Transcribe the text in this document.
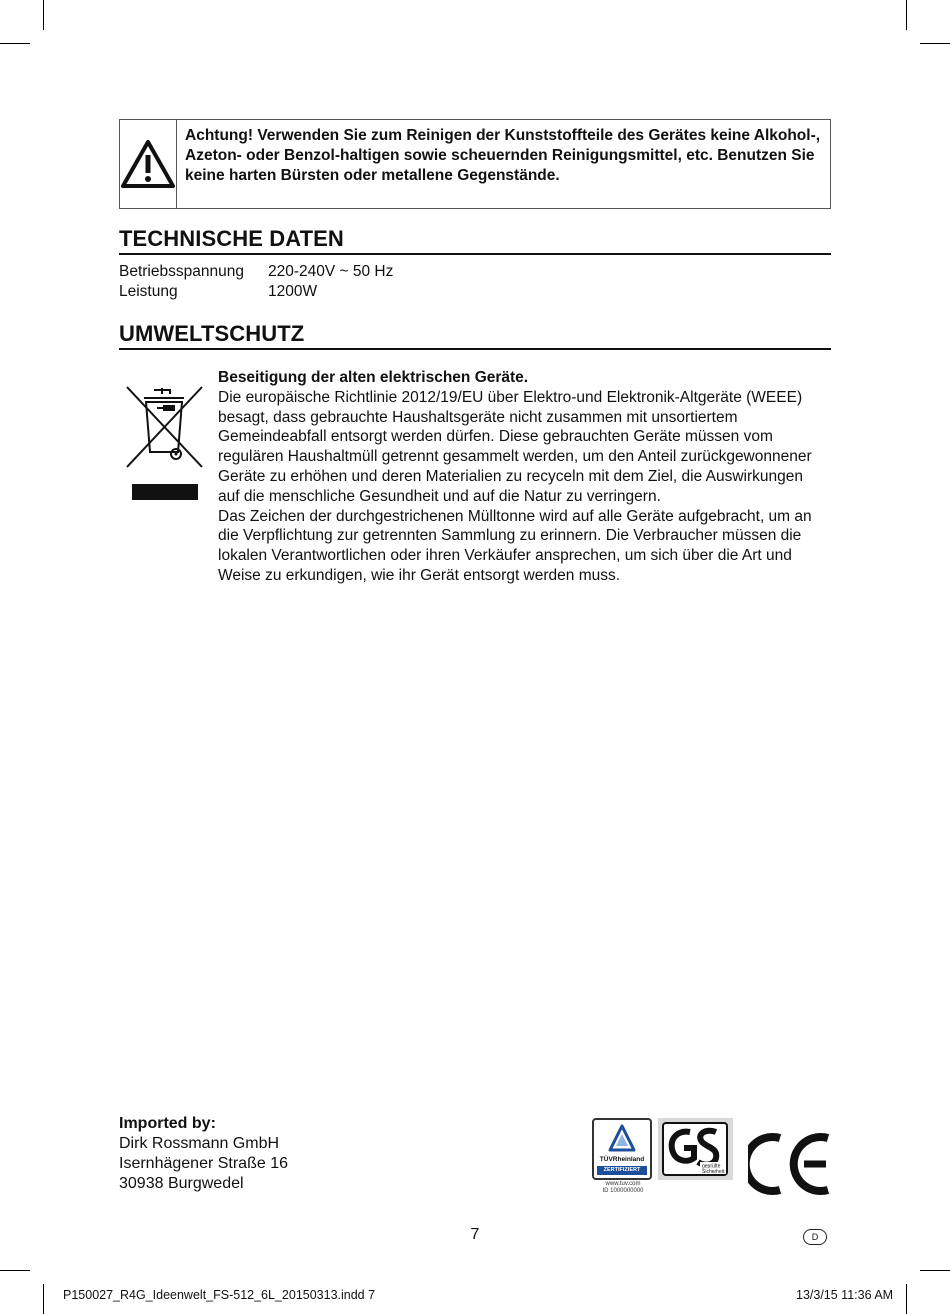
Achtung! Verwenden Sie zum Reinigen der Kunststoffteile des Gerätes keine Alkohol-, Azeton- oder Benzol-haltigen sowie scheuernden Reinigungsmittel, etc. Benutzen Sie keine harten Bürsten oder metallene Gegenstände.
TECHNISCHE DATEN
Betriebsspannung	220-240V ~ 50 Hz
Leistung	1200W
UMWELTSCHUTZ
Beseitigung der alten elektrischen Geräte.
Die europäische Richtlinie 2012/19/EU über Elektro-und Elektronik-Altgeräte (WEEE) besagt, dass gebrauchte Haushaltsgeräte nicht zusammen mit unsortiertem Gemeindeabfall entsorgt werden dürfen. Diese gebrauchten Geräte müssen vom regulären Haushaltmüll getrennt gesammelt werden, um den Anteil zurückgewonnener Geräte zu erhöhen und deren Materialien zu recyceln mit dem Ziel, die Auswirkungen auf die menschliche Gesundheit und auf die Natur zu verringern.
Das Zeichen der durchgestrichenen Mülltonne wird auf alle Geräte aufgebracht, um an die Verpflichtung zur getrennten Sammlung zu erinnern. Die Verbraucher müssen die lokalen Verantwortlichen oder ihren Verkäufer ansprechen, um sich über die Art und Weise zu erkundigen, wie ihr Gerät entsorgt werden muss.
Imported by:
Dirk Rossmann GmbH
Isernhägener Straße 16
30938 Burgwedel
TÜVRheinland
ZERTIFIZIERT
www.tuv.com
ID 1000000000
geprüfte
Sicherheit
7	D
P150027_R4G_Ideenwelt_FS-512_6L_20150313.indd 7	13/3/15 11:36 AM
